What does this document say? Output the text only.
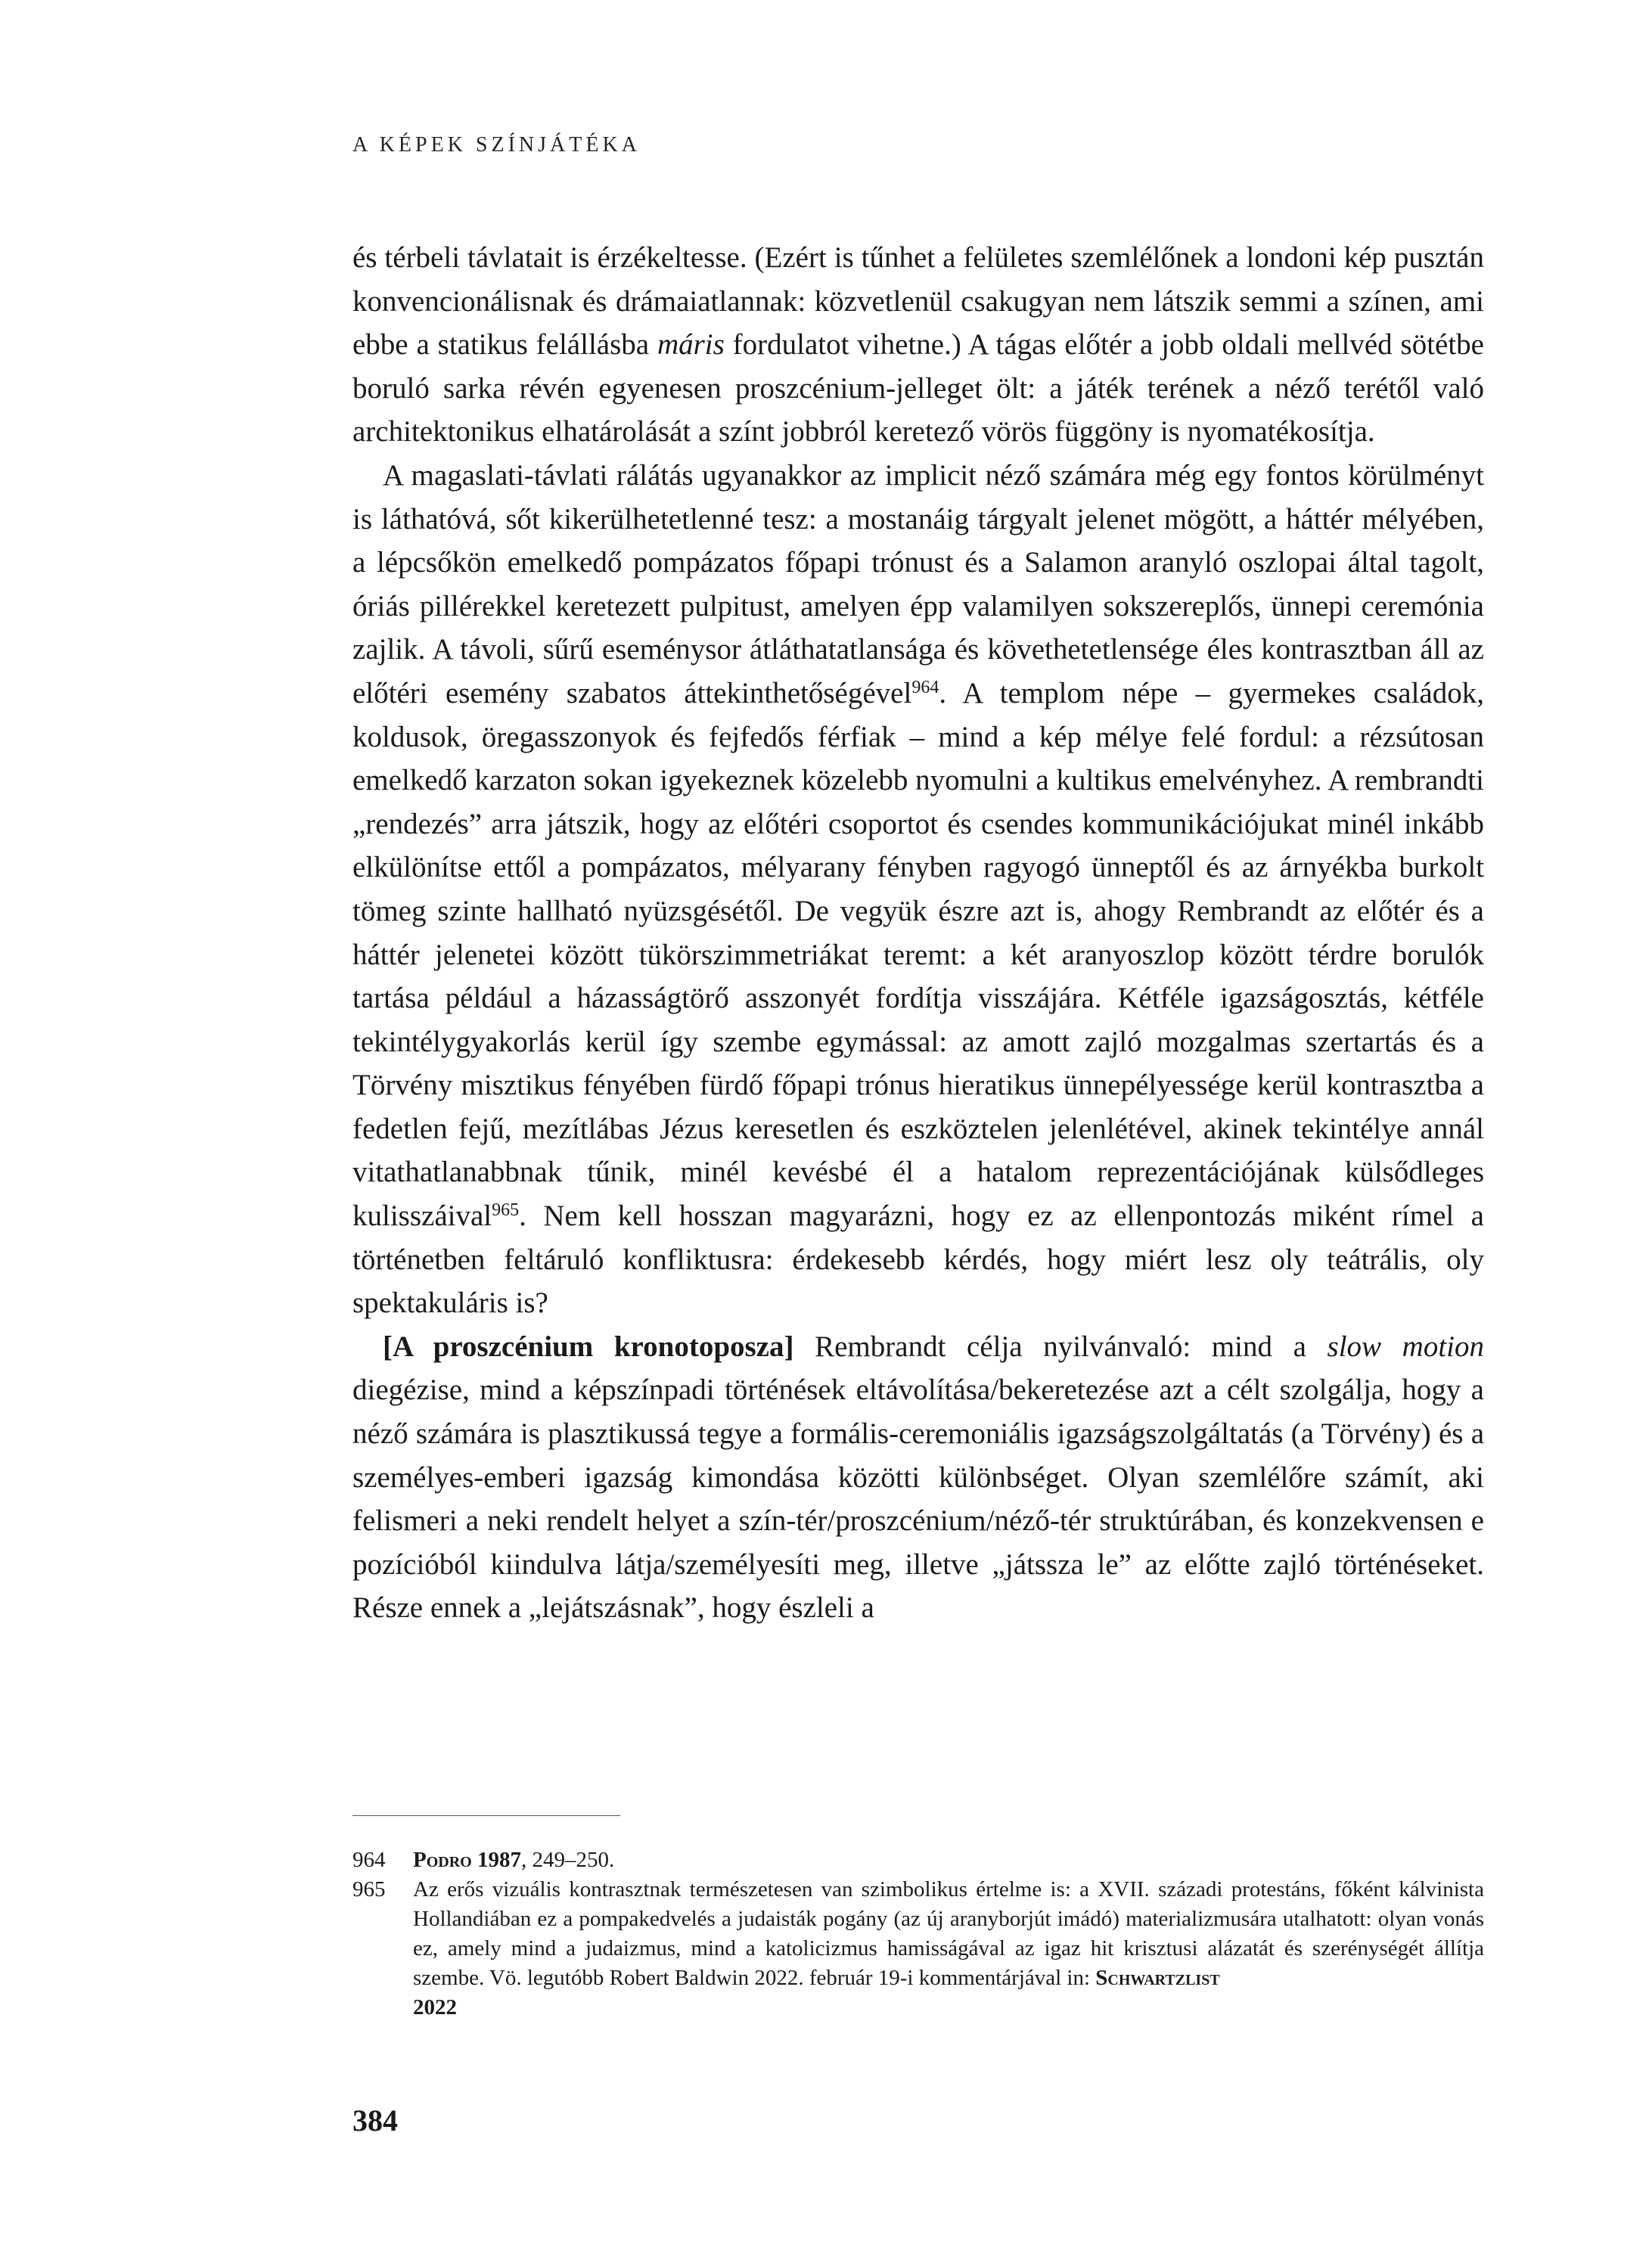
A KÉPEK SZÍNJÁTÉKA

és térbeli távlatait is érzékeltesse. (Ezért is tűnhet a felületes szemlélőnek a londoni kép pusztán konvencionálisnak és drámaiatlannak: közvetlenül csakugyan nem látszik semmi a színen, ami ebbe a statikus felállásba máris fordulatot vihetne.) A tágas előtér a jobb oldali mellvéd sötétbe boruló sarka révén egyenesen proszcénium-jelleget ölt: a játék terének a néző terétől való architektonikus elhatárolását a színt jobbról keretező vörös függöny is nyomatékosítja.

A magaslati-távlati rálátás ugyanakkor az implicit néző számára még egy fontos körülményt is láthatóvá, sőt kikerülhetetlenné tesz: a mostanáig tárgyalt jelenet mögött, a háttér mélyében, a lépcsőkön emelkedő pompázatos főpapi trónust és a Salamon aranyló oszlopai által tagolt, óriás pillérekkel keretezett pulpitust, amelyen épp valamilyen sokszereplős, ünnepi ceremónia zajlik. A távoli, sűrű eseménysor átláthatatlansága és követhetetlensége éles kontrasztban áll az előtéri esemény szabatos áttekinthetőségével$^{964}$. A templom népe – gyermekes családok, koldusok, öregasszonyok és fejfedős férfiak – mind a kép mélye felé fordul: a rézsútosan emelkedő karzaton sokan igyekeznek közelebb nyomulni a kultikus emelvényhez. A rembrandti „rendezés” arra játszik, hogy az előtéri csoportot és csendes kommunikációjukat minél inkább elkülönítse ettől a pompázatos, mélyarany fényben ragyogó ünneptől és az árnyékba burkolt tömeg szinte hallható nyüzsgésétől. De vegyük észre azt is, ahogy Rembrandt az előtér és a háttér jelenetei között tükörszimmetriákat teremt: a két aranyoszlop között térdre borulók tartása például a házasságtörő asszonyét fordítja visszájára. Kétféle igazságosztás, kétféle tekintélygyakorlás kerül így szembe egymással: az amott zajló mozgalmas szertartás és a Törvény misztikus fényében fürdő főpapi trónus hieratikus ünnepélyessége kerül kontrasztba a fedetlen fejű, mezítlábas Jézus keresetlen és eszköztelen jelenlétével, akinek tekintélye annál vitathatlanabbnak tűnik, minél kevésbé él a hatalom reprezentációjának külsődleges kulisszáival$^{965}$. Nem kell hosszan magyarázni, hogy ez az ellenpontozás miként rímel a történetben feltáruló konfliktusra: érdekesebb kérdés, hogy miért lesz oly teátrális, oly spektakuláris is?

[A proszcénium kronotoposza] Rembrandt célja nyilvánvaló: mind a slow motion diegézise, mind a képszínpadi történések eltávolítása/bekeretezése azt a célt szolgálja, hogy a néző számára is plasztikussá tegye a formális-ceremoniális igazságszolgáltatás (a Törvény) és a személyes-emberi igazság kimondása közötti különbséget. Olyan szemlélőre számít, aki felismeri a neki rendelt helyet a szín-tér/proszcénium/néző-tér struktúrában, és konzekvensen e pozícióból kiindulva látja/személyesíti meg, illetve „játssza le” az előtte zajló történéseket. Része ennek a „lejátszásnak”, hogy észleli a

964	Podro 1987, 249–250.
965	Az erős vizuális kontrasztnak természetesen van szimbolikus értelme is: a XVII. századi protestáns, főként kálvinista Hollandiában ez a pompakedvelés a judaisták pogány (az új aranyborjút imádó) materializmusára utalhatott: olyan vonás ez, amely mind a judaizmus, mind a katolicizmus hamisságával az igaz hit krisztusi alázatát és szerénységét állítja szembe. Vö. legutóbb Robert Baldwin 2022. február 19-i kommentárjával in: Schwartzlist
2022
384
